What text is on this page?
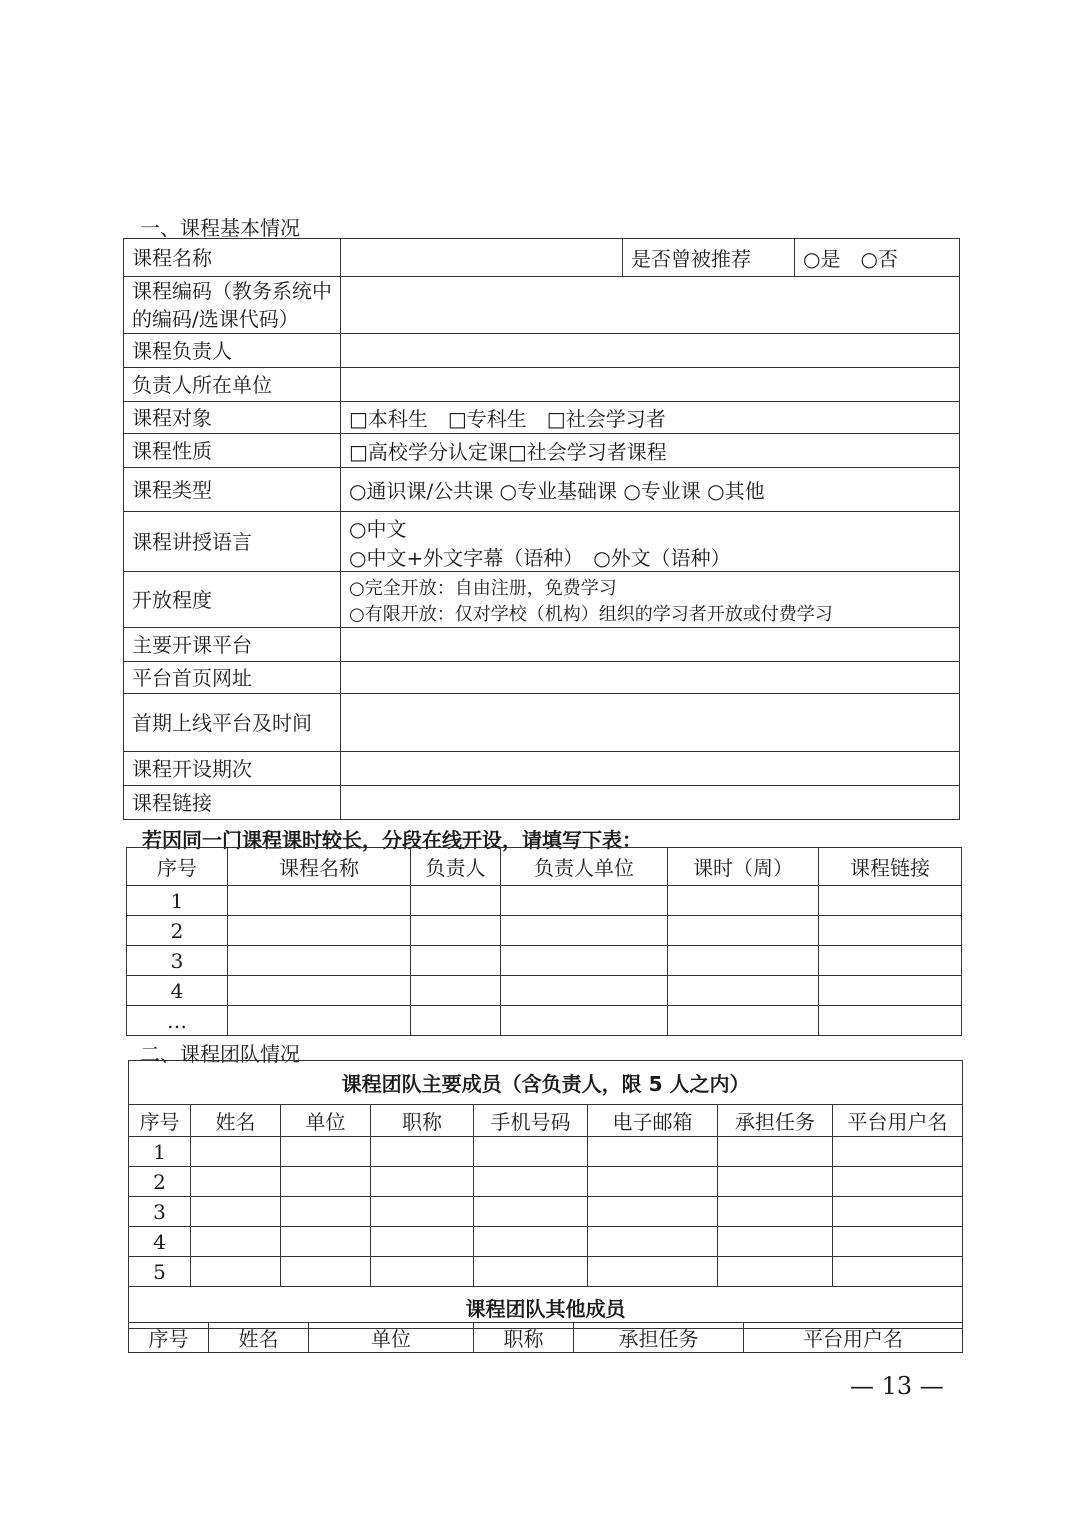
一、课程基本情况
课程名称		是否曾被推荐	○是　○否
课程编码（教务系统中的编码/选课代码）			
课程负责人			
负责人所在单位			
课程对象	□本科生　□专科生　□社会学习者		
课程性质	□高校学分认定课□社会学习者课程		
课程类型	○通识课/公共课 ○专业基础课 ○专业课 ○其他		
课程讲授语言	○中文
○中文+外文字幕（语种）　○外文（语种）		

开放程度	○完全开放：自由注册，免费学习
○有限开放：仅对学校（机构）组织的学习者开放或付费学习		

主要开课平台			
平台首页网址			
首期上线平台及时间			
课程开设期次			
课程链接			
若因同一门课程课时较长，分段在线开设，请填写下表：
序号	课程名称	负责人	负责人单位	课时（周）	课程链接
1					
2					
3					
4					
…					
二、课程团队情况
课程团队主要成员（含负责人，限 5 人之内）							
序号	姓名	单位	职称	手机号码	电子邮箱	承担任务	平台用户名
1							
2							
3							
4							
5							
课程团队其他成员							
序号	姓名	单位	职称	承担任务	平台用户名
— 13 —
